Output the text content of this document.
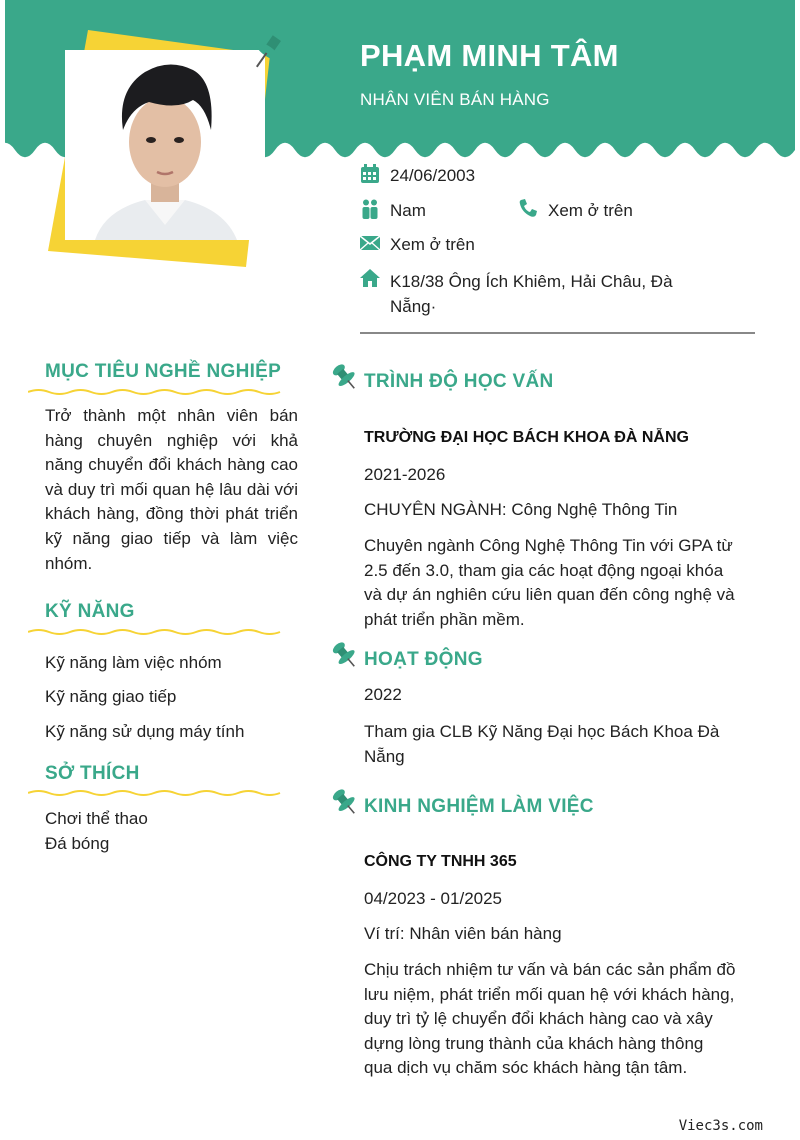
PHẠM MINH TÂM
NHÂN VIÊN BÁN HÀNG
24/06/2003
Nam	Xem ở trên
Xem ở trên
K18/38 Ông Ích Khiêm, Hải Châu, Đà Nẵng·
MỤC TIÊU NGHỀ NGHIỆP
Trở thành một nhân viên bán hàng chuyên nghiệp với khả năng chuyển đổi khách hàng cao và duy trì mối quan hệ lâu dài với khách hàng, đồng thời phát triển kỹ năng giao tiếp và làm việc nhóm.
KỸ NĂNG
Kỹ năng làm việc nhóm
Kỹ năng giao tiếp
Kỹ năng sử dụng máy tính
SỞ THÍCH
Chơi thể thao
Đá bóng
TRÌNH ĐỘ HỌC VẤN
TRƯỜNG ĐẠI HỌC BÁCH KHOA ĐÀ NẴNG
2021-2026
CHUYÊN NGÀNH: Công Nghệ Thông Tin
Chuyên ngành Công Nghệ Thông Tin với GPA từ 2.5 đến 3.0, tham gia các hoạt động ngoại khóa và dự án nghiên cứu liên quan đến công nghệ và phát triển phần mềm.
HOẠT ĐỘNG
2022
Tham gia CLB Kỹ Năng Đại học Bách Khoa Đà Nẵng
KINH NGHIỆM LÀM VIỆC
CÔNG TY TNHH 365
04/2023 - 01/2025
Ví trí: Nhân viên bán hàng
Chịu trách nhiệm tư vấn và bán các sản phẩm đồ lưu niệm, phát triển mối quan hệ với khách hàng, duy trì tỷ lệ chuyển đổi khách hàng cao và xây dựng lòng trung thành của khách hàng thông qua dịch vụ chăm sóc khách hàng tận tâm.
Viec3s.com
